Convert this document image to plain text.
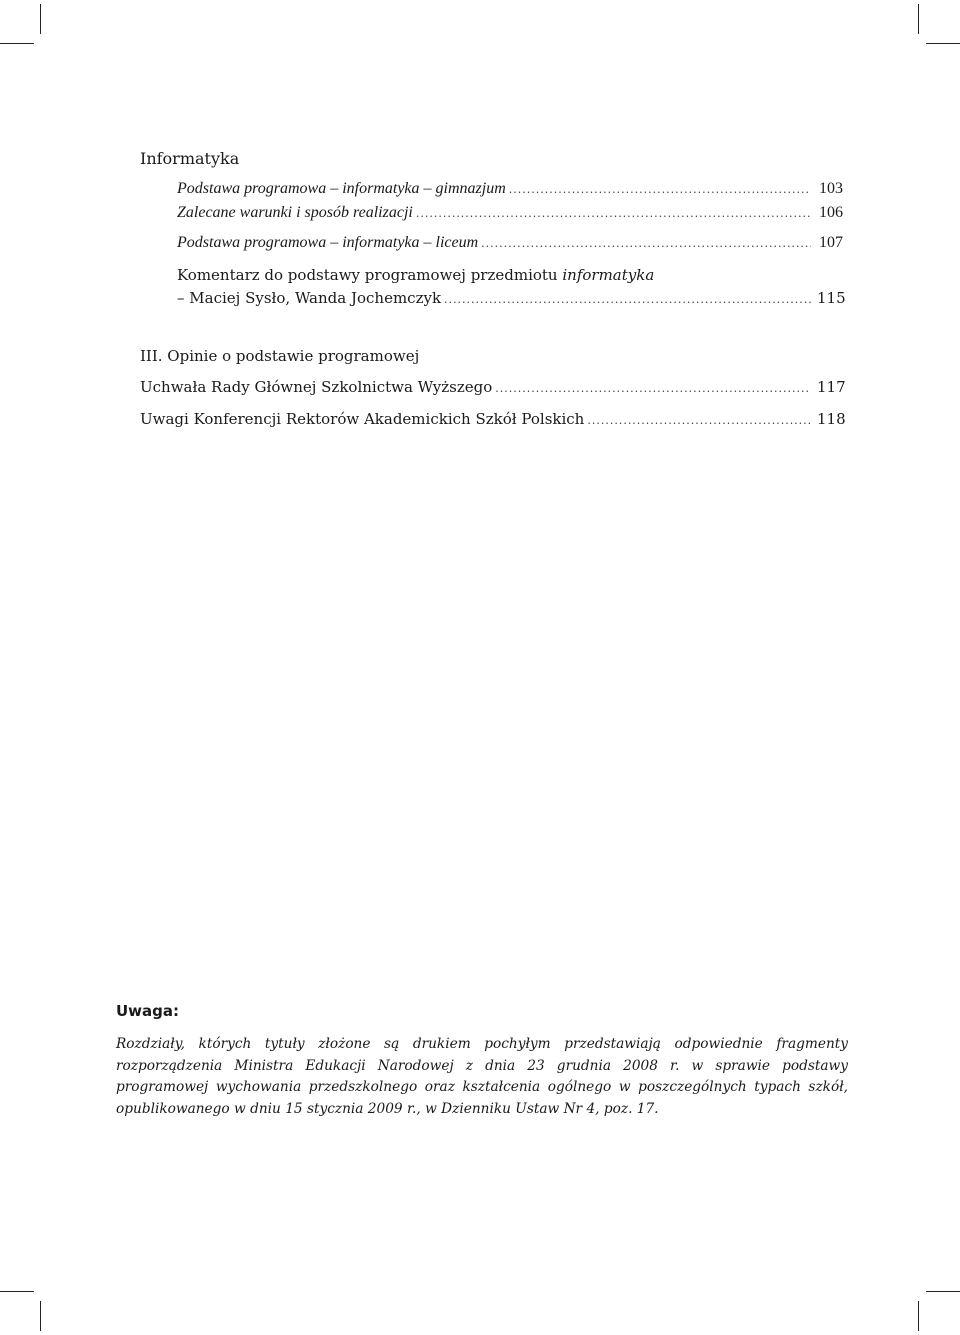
Informatyka
Podstawa programowa – informatyka – gimnazjum .....	103
Zalecane warunki i sposób realizacji .....	106
Podstawa programowa – informatyka – liceum .....	107
Komentarz do podstawy programowej przedmiotu informatyka
– Maciej Sysło, Wanda Jochemczyk .....	115
III. Opinie o podstawie programowej
Uchwała Rady Głównej Szkolnictwa Wyższego .....	117
Uwagi Konferencji Rektorów Akademickich Szkół Polskich .....	118
Uwaga:
Rozdziały, których tytuły złożone są drukiem pochyłym przedstawiają odpowiednie fragmenty rozporządzenia Ministra Edukacji Narodowej z dnia 23 grudnia 2008 r. w sprawie podstawy programowej wychowania przedszkolnego oraz kształcenia ogólnego w poszczególnych typach szkół, opublikowanego w dniu 15 stycznia 2009 r., w Dzienniku Ustaw Nr 4, poz. 17.
